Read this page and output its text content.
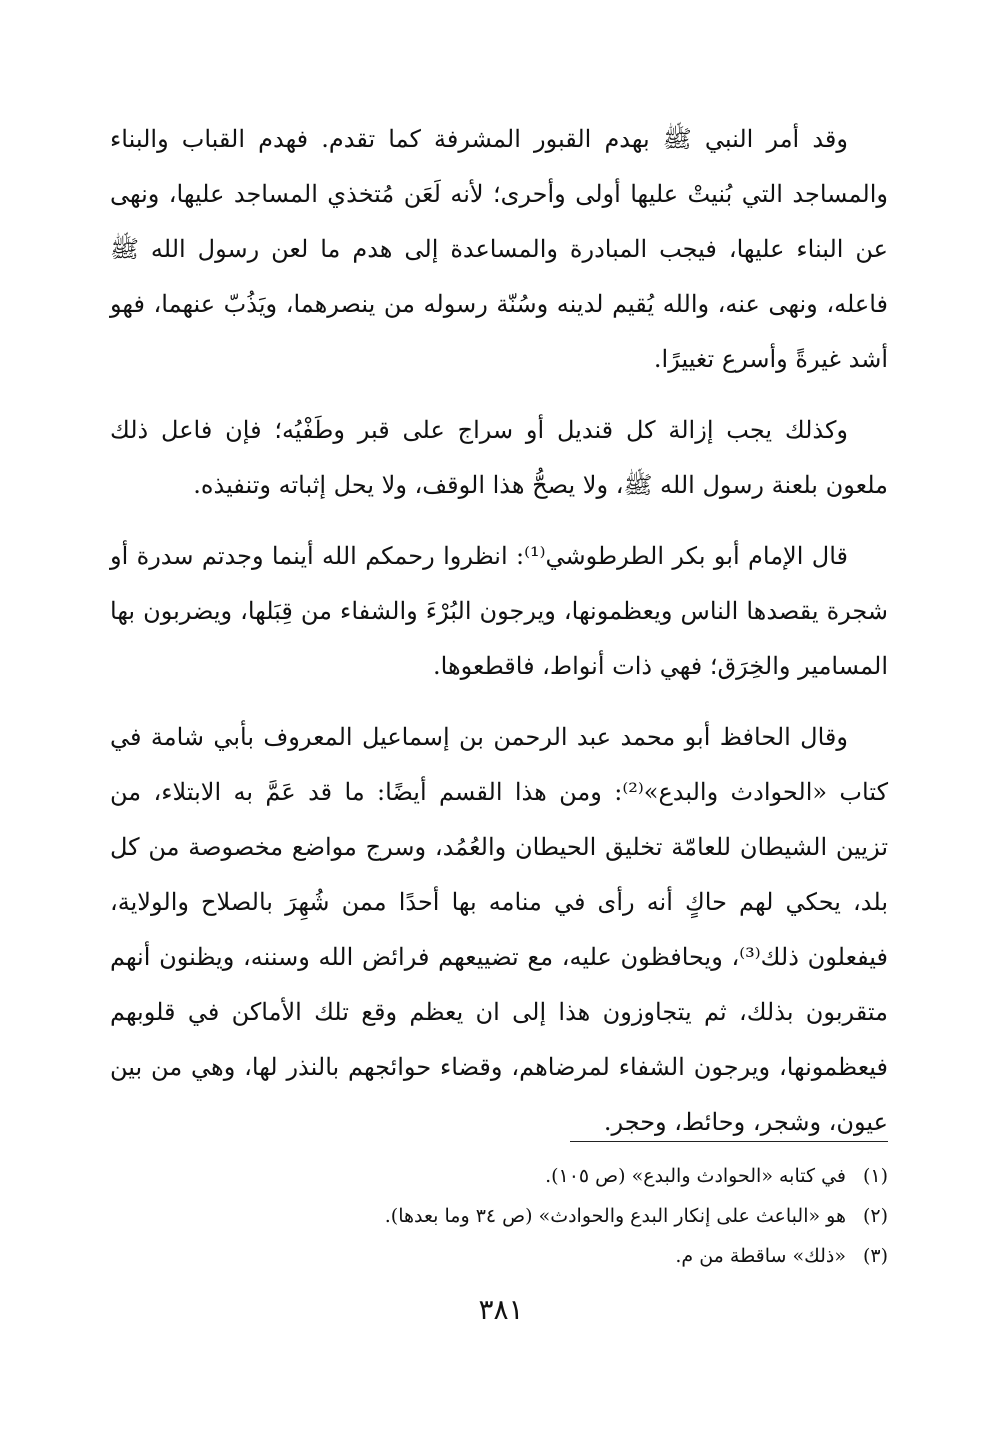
وقد أمر النبي ﷺ بهدم القبور المشرفة كما تقدم. فهدم القباب والبناء والمساجد التي بُنيتْ عليها أولى وأحرى؛ لأنه لَعَن مُتخذي المساجد عليها، ونهى عن البناء عليها، فيجب المبادرة والمساعدة إلى هدم ما لعن رسول الله ﷺ فاعله، ونهى عنه، والله يُقيم لدينه وسُنّة رسوله من ينصرهما، ويَذُبّ عنهما، فهو أشد غيرةً وأسرع تغييرًا.

وكذلك يجب إزالة كل قنديل أو سراج على قبر وطَفْيُه؛ فإن فاعل ذلك ملعون بلعنة رسول الله ﷺ، ولا يصحُّ هذا الوقف، ولا يحل إثباته وتنفيذه.

قال الإمام أبو بكر الطرطوشي⁽¹⁾: انظروا رحمكم الله أينما وجدتم سدرة أو شجرة يقصدها الناس ويعظمونها، ويرجون البُرْءَ والشفاء من قِبَلها، ويضربون بها المسامير والخِرَق؛ فهي ذات أنواط، فاقطعوها.

وقال الحافظ أبو محمد عبد الرحمن بن إسماعيل المعروف بأبي شامة في كتاب «الحوادث والبدع»⁽²⁾: ومن هذا القسم أيضًا: ما قد عَمَّ به الابتلاء، من تزيين الشيطان للعامّة تخليق الحيطان والعُمُد، وسرج مواضع مخصوصة من كل بلد، يحكي لهم حاكٍ أنه رأى في منامه بها أحدًا ممن شُهِرَ بالصلاح والولاية، فيفعلون ذلك⁽³⁾، ويحافظون عليه، مع تضييعهم فرائض الله وسننه، ويظنون أنهم متقربون بذلك، ثم يتجاوزون هذا إلى ان يعظم وقع تلك الأماكن في قلوبهم فيعظمونها، ويرجون الشفاء لمرضاهم، وقضاء حوائجهم بالنذر لها، وهي من بين عيون، وشجر، وحائط، وحجر.

(١)في كتابه «الحوادث والبدع» (ص ١٠٥).
(٢)هو «الباعث على إنكار البدع والحوادث» (ص ٣٤ وما بعدها).
(٣)«ذلك» ساقطة من م.
٣٨١
